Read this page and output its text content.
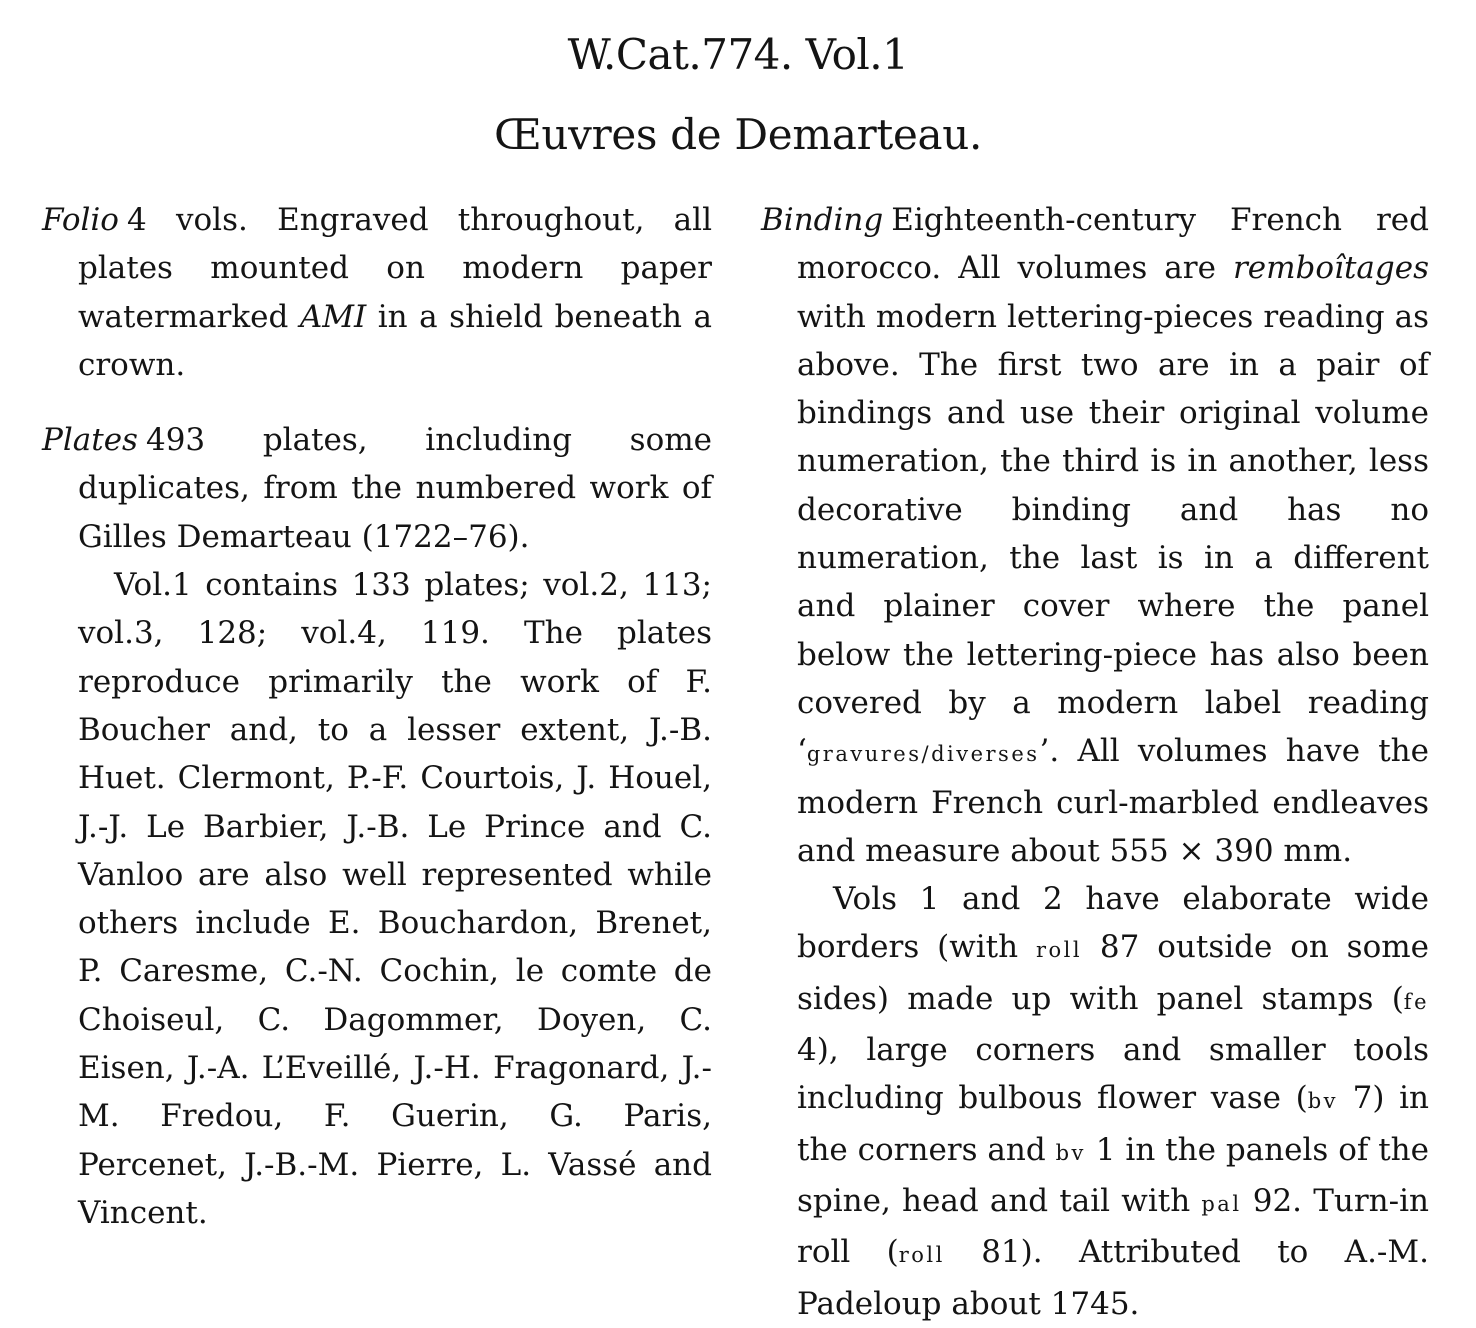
W.Cat.774. Vol.1
Œuvres de Demarteau.

Folio 4 vols. Engraved throughout, all plates mounted on modern paper watermarked AMI in a shield beneath a crown.

Plates 493 plates, including some duplicates, from the numbered work of Gilles Demarteau (1722–76).

Vol.1 contains 133 plates; vol.2, 113; vol.3, 128; vol.4, 119. The plates reproduce primarily the work of F. Boucher and, to a lesser extent, J.-B. Huet. Clermont, P.-F. Courtois, J. Houel, J.-J. Le Barbier, J.-B. Le Prince and C. Vanloo are also well represented while others include E. Bouchardon, Brenet, P. Caresme, C.-N. Cochin, le comte de Choiseul, C. Dagommer, Doyen, C. Eisen, J.-A. L’Eveillé, J.-H. Fragonard, J.-M. Fredou, F. Guerin, G. Paris, Percenet, J.-B.-M. Pierre, L. Vassé and Vincent.

Binding Eighteenth-century French red morocco. All volumes are remboîtages with modern lettering-pieces reading as above. The first two are in a pair of bindings and use their original volume numeration, the third is in another, less decorative binding and has no numeration, the last is in a different and plainer cover where the panel below the lettering-piece has also been covered by a modern label reading ‘gravures/diverses’. All volumes have the modern French curl-marbled endleaves and measure about 555 × 390 mm.

Vols 1 and 2 have elaborate wide borders (with roll 87 outside on some sides) made up with panel stamps (fe 4), large corners and smaller tools including bulbous flower vase (bv 7) in the corners and bv 1 in the panels of the spine, head and tail with pal 92. Turn-in roll (roll 81). Attributed to A.-M. Padeloup about 1745.
